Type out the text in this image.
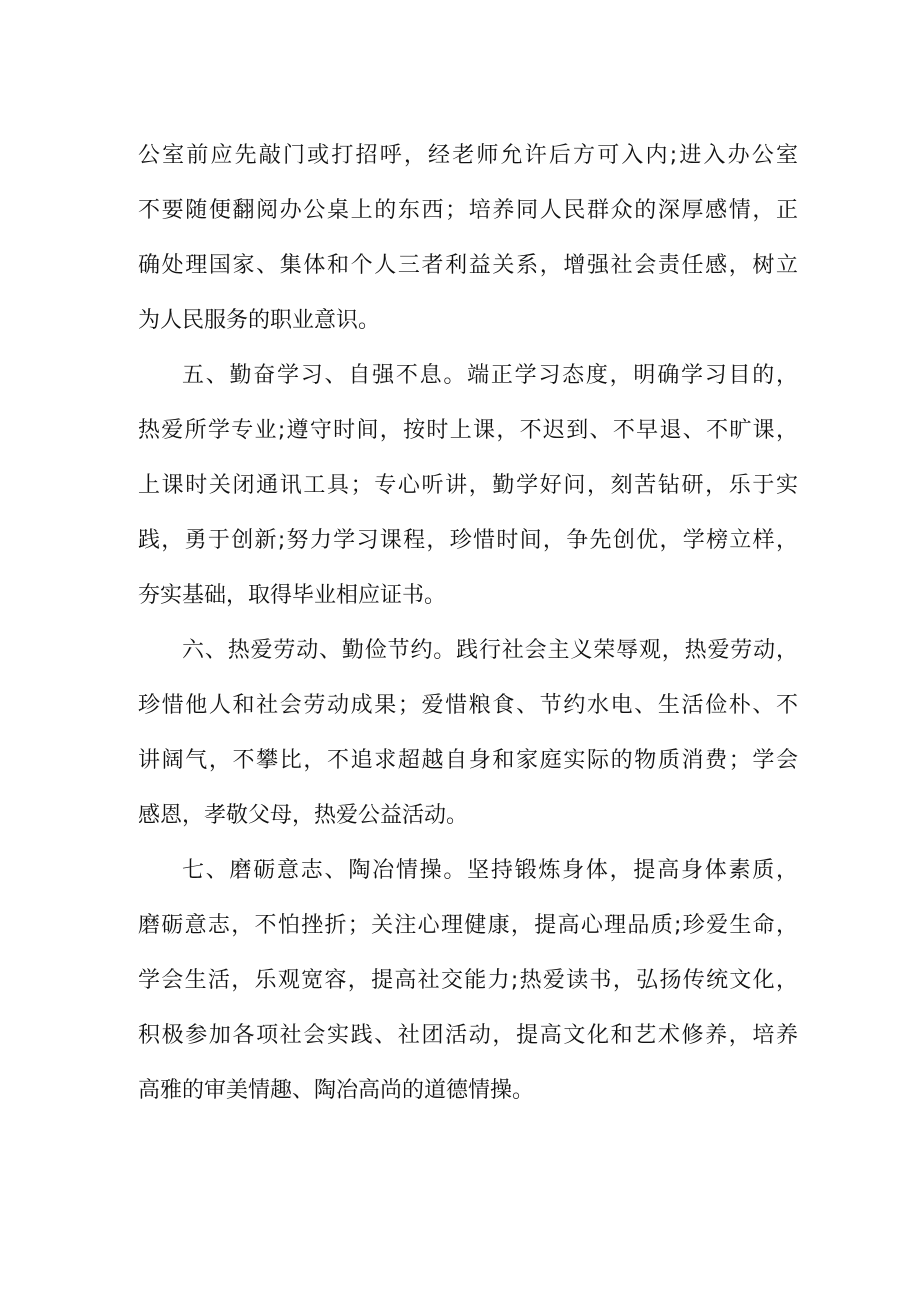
公室前应先敲门或打招呼，经老师允许后方可入内;进入办公室
不要随便翻阅办公桌上的东西；培养同人民群众的深厚感情，正
确处理国家、集体和个人三者利益关系，增强社会责任感，树立
为人民服务的职业意识。
五、勤奋学习、自强不息。端正学习态度，明确学习目的，
热爱所学专业;遵守时间，按时上课，不迟到、不早退、不旷课，
上课时关闭通讯工具；专心听讲，勤学好问，刻苦钻研，乐于实
践，勇于创新;努力学习课程，珍惜时间，争先创优，学榜立样，
夯实基础，取得毕业相应证书。
六、热爱劳动、勤俭节约。践行社会主义荣辱观，热爱劳动，
珍惜他人和社会劳动成果；爱惜粮食、节约水电、生活俭朴、不
讲阔气，不攀比，不追求超越自身和家庭实际的物质消费；学会
感恩，孝敬父母，热爱公益活动。
七、磨砺意志、陶冶情操。坚持锻炼身体，提高身体素质，
磨砺意志，不怕挫折；关注心理健康，提高心理品质;珍爱生命，
学会生活，乐观宽容，提高社交能力;热爱读书，弘扬传统文化，
积极参加各项社会实践、社团活动，提高文化和艺术修养，培养
高雅的审美情趣、陶冶高尚的道德情操。
